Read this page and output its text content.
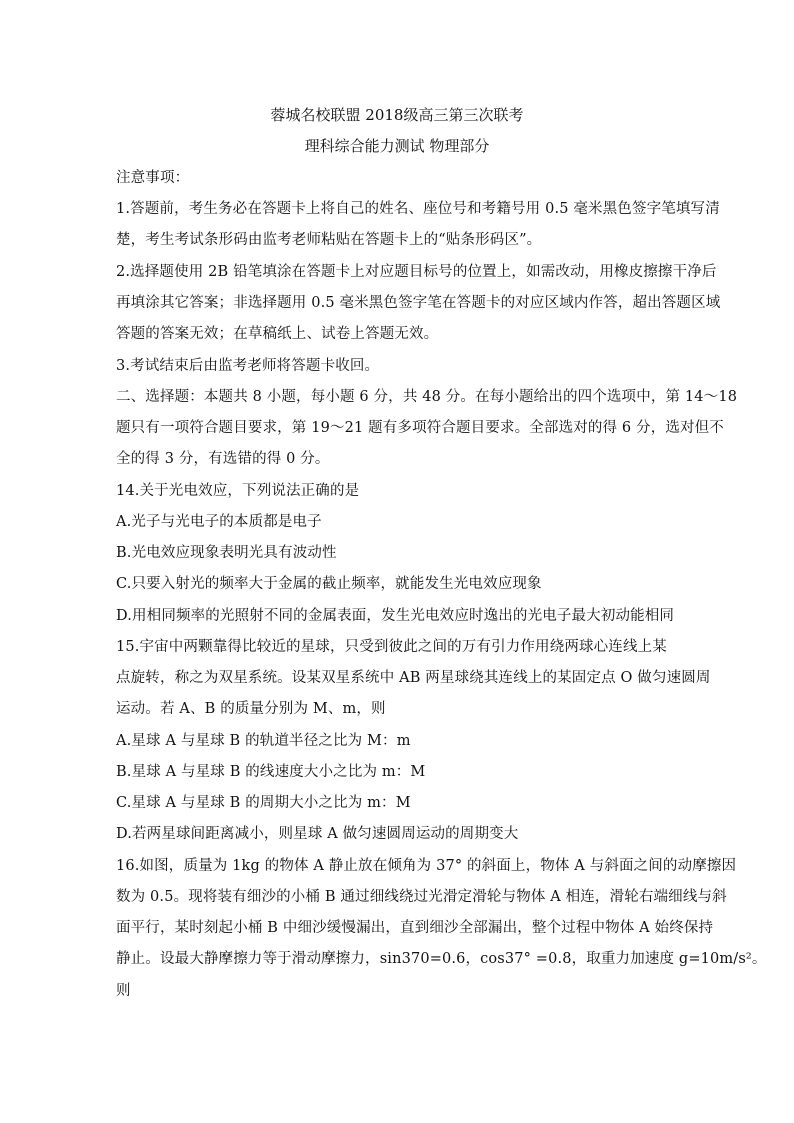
蓉城名校联盟 2018级高三第三次联考
理科综合能力测试 物理部分
注意事项：
1.答题前，考生务必在答题卡上将自己的姓名、座位号和考籍号用 0.5 毫米黑色签字笔填写清
楚，考生考试条形码由监考老师粘贴在答题卡上的“贴条形码区”。
2.选择题使用 2B 铅笔填涂在答题卡上对应题目标号的位置上，如需改动，用橡皮擦擦干净后
再填涂其它答案；非选择题用 0.5 毫米黑色签字笔在答题卡的对应区域内作答，超出答题区域
答题的答案无效；在草稿纸上、试卷上答题无效。
3.考试结束后由监考老师将答题卡收回。
二、选择题：本题共 8 小题，每小题 6 分，共 48 分。在每小题给出的四个选项中，第 14～18
题只有一项符合题目要求，第 19～21 题有多项符合题目要求。全部选对的得 6 分，选对但不
全的得 3 分，有选错的得 0 分。
14.关于光电效应，下列说法正确的是
A.光子与光电子的本质都是电子
B.光电效应现象表明光具有波动性
C.只要入射光的频率大于金属的截止频率，就能发生光电效应现象
D.用相同频率的光照射不同的金属表面，发生光电效应时逸出的光电子最大初动能相同
15.宇宙中两颗靠得比较近的星球，只受到彼此之间的万有引力作用绕两球心连线上某
点旋转，称之为双星系统。设某双星系统中 AB 两星球绕其连线上的某固定点 O 做匀速圆周
运动。若 A、B 的质量分别为 M、m，则
A.星球 A 与星球 B 的轨道半径之比为 M：m
B.星球 A 与星球 B 的线速度大小之比为 m：M
C.星球 A 与星球 B 的周期大小之比为 m：M
D.若两星球间距离减小，则星球 A 做匀速圆周运动的周期变大
16.如图，质量为 1kg 的物体 A 静止放在倾角为 37° 的斜面上，物体 A 与斜面之间的动摩擦因
数为 0.5。现将装有细沙的小桶 B 通过细线绕过光滑定滑轮与物体 A 相连，滑轮右端细线与斜
面平行，某时刻起小桶 B 中细沙缓慢漏出，直到细沙全部漏出，整个过程中物体 A 始终保持
静止。设最大静摩擦力等于滑动摩擦力，sin370=0.6，cos37° =0.8，取重力加速度 g=10m/s²。
则
